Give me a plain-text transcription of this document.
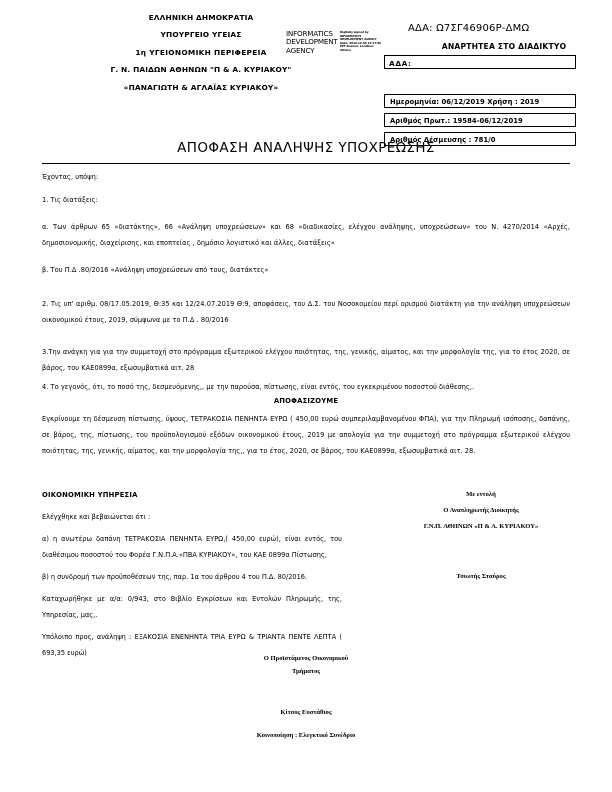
ΕΛΛΗΝΙΚΗ ΔΗΜΟΚΡΑΤΙΑ
ΥΠΟΥΡΓΕΙΟ ΥΓΕΙΑΣ
1η ΥΓΕΙΟΝΟΜΙΚΗ ΠΕΡΙΦΕΡΕΙΑ
Γ. Ν. ΠΑΙΔΩΝ ΑΘΗΝΩΝ "Π & Α. ΚΥΡΙΑΚΟΥ"
«ΠΑΝΑΓΙΩΤΗ & ΑΓΛΑΪΑΣ ΚΥΡΙΑΚΟΥ»
INFORMATICS DEVELOPMENT AGENCY
Digitally signed by INFORMATICS DEVELOPMENT AGENCY Date: 2019.12.06 11:17:56 EET Reason: Location: Athens
ΑΔΑ: Ω7ΣΓ46906Ρ-ΔΜΩ
ΑΝΑΡΤΗΤΕΑ ΣΤΟ ΔΙΑΔΙΚΤΥΟ
ΑΔΑ:
Ημερομηνία: 06/12/2019 Χρήση : 2019
Αριθμός Πρωτ.: 19584-06/12/2019
Αριθμός Δέσμευσης : 781/0
ΑΠΟΦΑΣΗ ΑΝΑΛΗΨΗΣ ΥΠΟΧΡΕΩΣΗΣ
Έχοντας, υπόψη:
1. Τις διατάξεις:
α. Των άρθρων 65 «διατάκτης», 66 «Ανάληψη υποχρεώσεων» και 68 «διαδικασίες, ελέγχου ανάληψης, υποχρεώσεων» του Ν. 4270/2014 «Αρχές, δημοσιονομικής, διαχείρισης, και εποπτείας , δημόσιο λογιστικό και άλλες, διατάξεις»
β. Του Π.Δ .80/2016 «Ανάληψη υποχρεώσεων από τους, διατάκτες»
2. Τις υπ' αριθμ. 08/17.05.2019, Θ:35 και 12/24.07.2019 Θ:9, αποφάσεις, του Δ.Σ. του Νοσοκομείου περί ορισμού διατάκτη για την ανάληψη υποχρεώσεων οικονομικού έτους, 2019, σύμφωνα με το Π.Δ . 80/2016
3.Την ανάγκη για για την συμμετοχή στο πρόγραμμα εξωτερικού ελέγχου ποιότητας, της, γενικής, αίματος, και την μορφολογία της, για το έτος 2020, σε βάρος, του ΚΑΕ0899α, εξωσυμβατικά αιτ. 28
4. Το γεγονός, ότι, το ποσό της, δεσμευόμενης,, με την παρούσα, πίστωσης, είναι εντός, του εγκεκριμένου ποσοστού διάθεσης,.
ΑΠΟΦΑΣΙΖΟΥΜΕ
Εγκρίνουμε τη δέσμευση πίστωσης, ύψους, ΤΕΤΡΑΚΟΣΙΑ ΠΕΝΗΝΤΑ ΕΥΡΩ ( 450,00 ευρώ συμπεριλαμβανομένου ΦΠΑ), για την Πληρωμή ισόποσης, δαπάνης, σε βάρος, της, πίστωσης, του προϋπολογισμού εξόδων οικονομικού έτους, 2019 με απολογία για την συμμετοχή στο πρόγραμμα εξωτερικού ελέγχου ποιότητας, της, γενικής, αίματος, και την μορφολογία της,, για το έτος, 2020, σε βάρος, του ΚΑΕ0899α, εξωσυμβατικά αιτ. 28.
ΟΙΚΟΝΟΜΙΚΗ ΥΠΗΡΕΣΙΑ

Ελέγχθηκε και βεβαιώνεται ότι :

α) η ανωτέρω δαπάνη ΤΕΤΡΑΚΟΣΙΑ ΠΕΝΗΝΤΑ ΕΥΡΩ,( 450,00 ευρώ), είναι εντός, του διαθέσιμου ποσοστού του Φορέα Γ.Ν.Π.Α.«ΠΒΑ ΚΥΡΙΑΚΟΥ», του ΚΑΕ 0899α Πίστωσης,

β) η συνδρομή των προϋποθέσεων της, παρ. 1α του άρθρου 4 του Π.Δ. 80/2016.

Καταχωρήθηκε με α/α: 0/943, στο Βιβλίο Εγκρίσεων και Εντολών Πληρωμής, της, Υπηρεσίας, μας,.

Υπόλοιπο προς, ανάληψη : ΕΞΑΚΟΣΙΑ ΕΝΕΝΗΝΤΑ ΤΡΙΑ ΕΥΡΩ & ΤΡΙΑΝΤΑ ΠΕΝΤΕ ΛΕΠΤΑ ( 693,35 ευρώ)

Με εντολή
Ο Αναπληρωτής Διοικητής
Γ.Ν.Π. ΑΘΗΝΩΝ «Π & Α. ΚΥΡΙΑΚΟΥ»
Τσιωτής Σταύρος
Ο Προϊστάμενος Οικονομικού
Τμήματος
Κίτσος Ευστάθιος
Κοινοποίηση : Ελεγκτικό Συνέδριο
